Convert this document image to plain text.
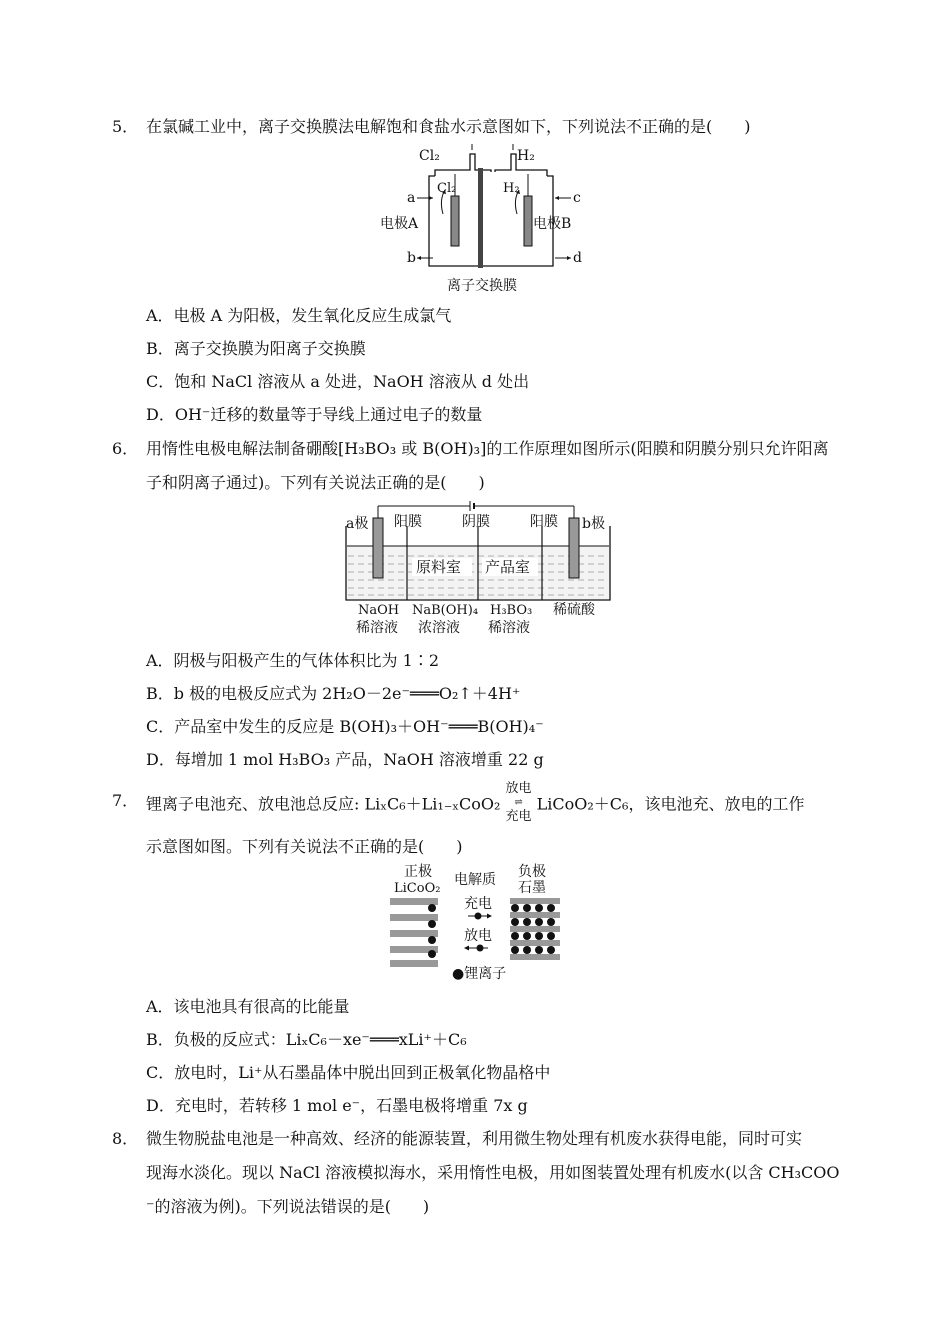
5． 在氯碱工业中，离子交换膜法电解饱和食盐水示意图如下，下列说法不正确的是(　　)
Cl₂	H₂
Cl₂	H₂
a
b
c
d
电极A	电极B
离子交换膜
A．电极 A 为阳极，发生氧化反应生成氯气
B．离子交换膜为阳离子交换膜
C．饱和 NaCl 溶液从 a 处进，NaOH 溶液从 d 处出
D．OH⁻迁移的数量等于导线上通过电子的数量
6． 用惰性电极电解法制备硼酸[H₃BO₃ 或 B(OH)₃]的工作原理如图所示(阳膜和阴膜分别只允许阳离
子和阴离子通过)。下列有关说法正确的是(　　)
a极	b极
阳膜	阴膜	阳膜
原料室 产品室
NaOH
稀溶液
NaB(OH)₄
浓溶液
H₃BO₃
稀溶液
稀硫酸
A．阴极与阳极产生的气体体积比为 1∶2
B．b 极的电极反应式为 2H₂O－2e⁻═══O₂↑＋4H⁺
C．产品室中发生的反应是 B(OH)₃＋OH⁻═══B(OH)₄⁻
D．每增加 1 mol H₃BO₃ 产品，NaOH 溶液增重 22 g
7． 锂离子电池充、放电池总反应: LiₓC₆＋Li₁₋ₓCoO₂
放电
⇌
充电
LiCoO₂＋C₆，该电池充、放电的工作
示意图如图。下列有关说法不正确的是(　　)
正极
LiCoO₂
电解质 负极
石墨
充电
放电
●锂离子
A．该电池具有很高的比能量
B．负极的反应式：LiₓC₆－xe⁻═══xLi⁺＋C₆
C．放电时，Li⁺从石墨晶体中脱出回到正极氧化物晶格中
D．充电时，若转移 1 mol e⁻，石墨电极将增重 7x g
8． 微生物脱盐电池是一种高效、经济的能源装置，利用微生物处理有机废水获得电能，同时可实
现海水淡化。现以 NaCl 溶液模拟海水，采用惰性电极，用如图装置处理有机废水(以含 CH₃COO
⁻的溶液为例)。下列说法错误的是(　　)
